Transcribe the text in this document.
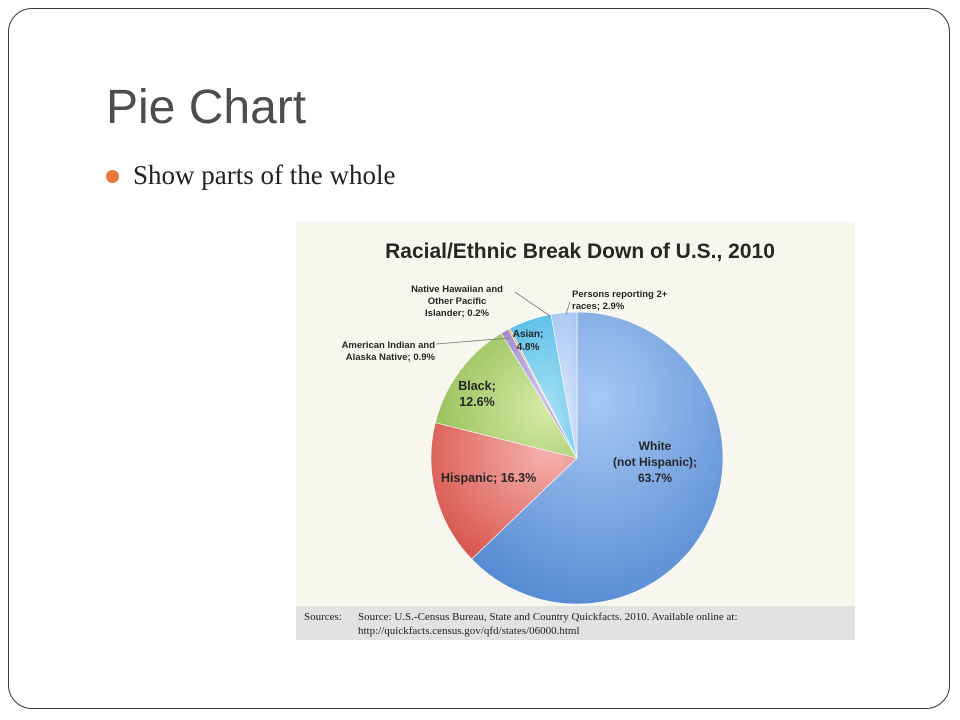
Pie Chart
Show parts of the whole
Racial/Ethnic Break Down of U.S., 2010
White (not Hispanic); 63.7%
Hispanic; 16.3%
Black; 12.6%
American Indian and Alaska Native; 0.9%
Native Hawaiian and Other Pacific Islander; 0.2%
Asian; 4.8%
Persons reporting 2+ races; 2.9%
Sources: Source: U.S.-Census Bureau, State and Country Quickfacts. 2010. Available online at:
http://quickfacts.census.gov/qfd/states/06000.html
